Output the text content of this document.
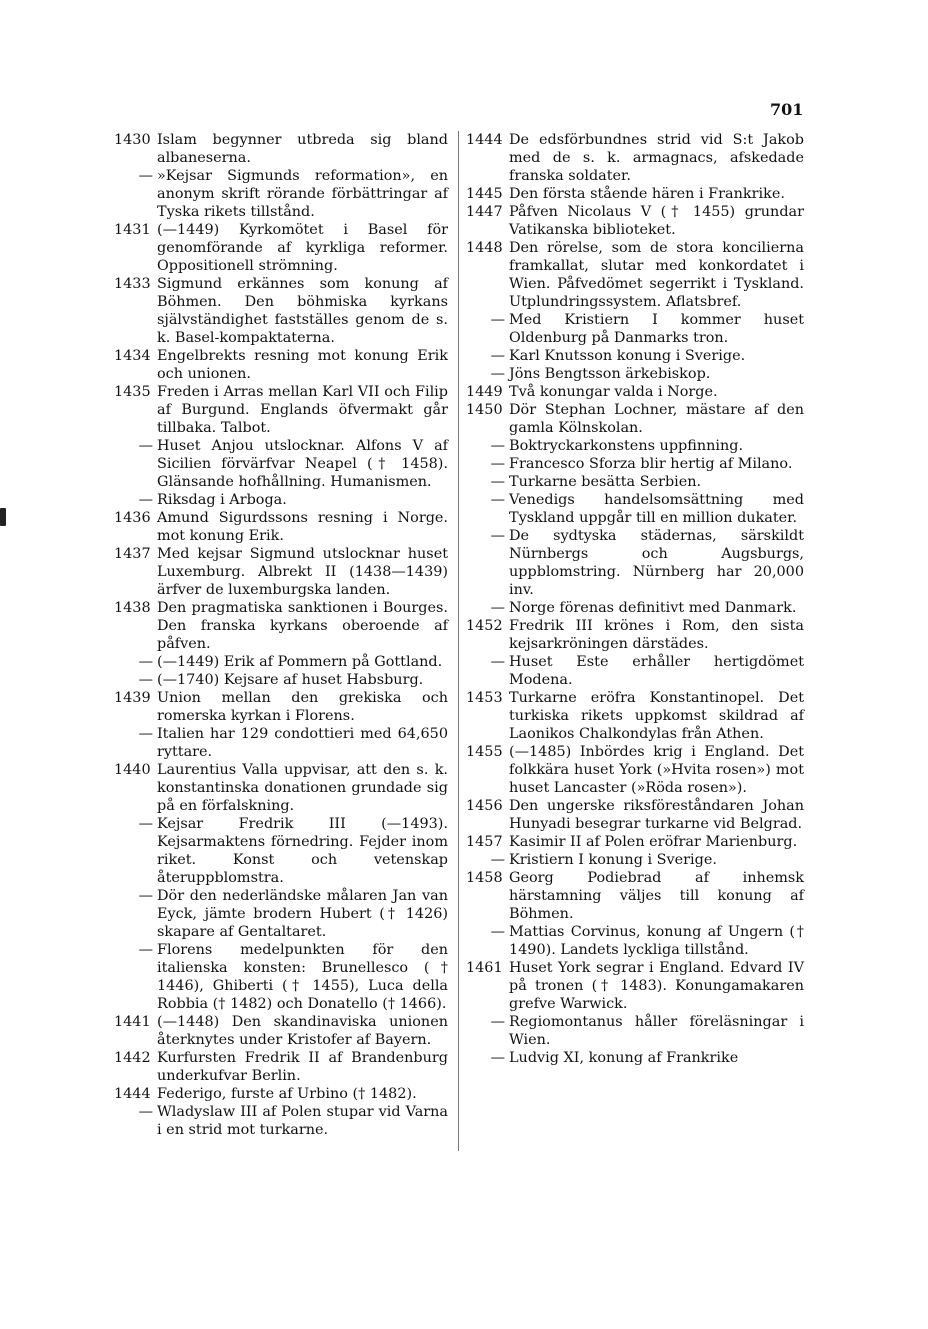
701
1430 Islam begynner utbreda sig bland albaneserna.
— »Kejsar Sigmunds reformation», en anonym skrift rörande förbättringar af Tyska rikets tillstånd.
1431 (—1449) Kyrkomötet i Basel för genomförande af kyrkliga reformer. Oppositionell strömning.
1433 Sigmund erkännes som konung af Böhmen. Den böhmiska kyrkans självständighet fastställes genom de s. k. Basel-kompaktaterna.
1434 Engelbrekts resning mot konung Erik och unionen.
1435 Freden i Arras mellan Karl VII och Filip af Burgund. Englands öfvermakt går tillbaka. Talbot.
— Huset Anjou utslocknar. Alfons V af Sicilien förvärfvar Neapel († 1458). Glänsande hofhållning. Humanismen.
— Riksdag i Arboga.
1436 Amund Sigurdssons resning i Norge. mot konung Erik.
1437 Med kejsar Sigmund utslocknar huset Luxemburg. Albrekt II (1438—1439) ärfver de luxemburgska landen.
1438 Den pragmatiska sanktionen i Bourges. Den franska kyrkans oberoende af påfven.
— (—1449) Erik af Pommern på Gottland.
— (—1740) Kejsare af huset Habsburg.
1439 Union mellan den grekiska och romerska kyrkan i Florens.
— Italien har 129 condottieri med 64,650 ryttare.
1440 Laurentius Valla uppvisar, att den s. k. konstantinska donationen grundade sig på en förfalskning.
— Kejsar Fredrik III (—1493). Kejsarmaktens förnedring. Fejder inom riket. Konst och vetenskap återuppblomstra.
— Dör den nederländske målaren Jan van Eyck, jämte brodern Hubert († 1426) skapare af Gentaltaret.
— Florens medelpunkten för den italienska konsten: Brunellesco († 1446), Ghiberti († 1455), Luca della Robbia († 1482) och Donatello († 1466).
1441 (—1448) Den skandinaviska unionen återknytes under Kristofer af Bayern.
1442 Kurfursten Fredrik II af Brandenburg underkufvar Berlin.
1444 Federigo, furste af Urbino († 1482).
— Wladyslaw III af Polen stupar vid Varna i en strid mot turkarne.
1444 De edsförbundnes strid vid S:t Jakob med de s. k. armagnacs, afskedade franska soldater.
1445 Den första stående hären i Frankrike.
1447 Påfven Nicolaus V († 1455) grundar Vatikanska biblioteket.
1448 Den rörelse, som de stora koncilierna framkallat, slutar med konkordatet i Wien. Påfvedömet segerrikt i Tyskland. Utplundringssystem. Aflatsbref.
— Med Kristiern I kommer huset Oldenburg på Danmarks tron.
— Karl Knutsson konung i Sverige.
— Jöns Bengtsson ärkebiskop.
1449 Två konungar valda i Norge.
1450 Dör Stephan Lochner, mästare af den gamla Kölnskolan.
— Boktryckarkonstens uppfinning.
— Francesco Sforza blir hertig af Milano.
— Turkarne besätta Serbien.
— Venedigs handelsomsättning med Tyskland uppgår till en million dukater.
— De sydtyska städernas, särskildt Nürnbergs och Augsburgs, uppblomstring. Nürnberg har 20,000 inv.
— Norge förenas definitivt med Danmark.
1452 Fredrik III krönes i Rom, den sista kejsarkröningen därstädes.
— Huset Este erhåller hertigdömet Modena.
1453 Turkarne eröfra Konstantinopel. Det turkiska rikets uppkomst skildrad af Laonikos Chalkondylas från Athen.
1455 (—1485) Inbördes krig i England. Det folkkära huset York (»Hvita rosen») mot huset Lancaster (»Röda rosen»).
1456 Den ungerske riksföreståndaren Johan Hunyadi besegrar turkarne vid Belgrad.
1457 Kasimir II af Polen eröfrar Marienburg.
— Kristiern I konung i Sverige.
1458 Georg Podiebrad af inhemsk härstamning väljes till konung af Böhmen.
— Mattias Corvinus, konung af Ungern († 1490). Landets lyckliga tillstånd.
1461 Huset York segrar i England. Edvard IV på tronen († 1483). Konungamakaren grefve Warwick.
— Regiomontanus håller föreläsningar i Wien.
— Ludvig XI, konung af Frankrike
